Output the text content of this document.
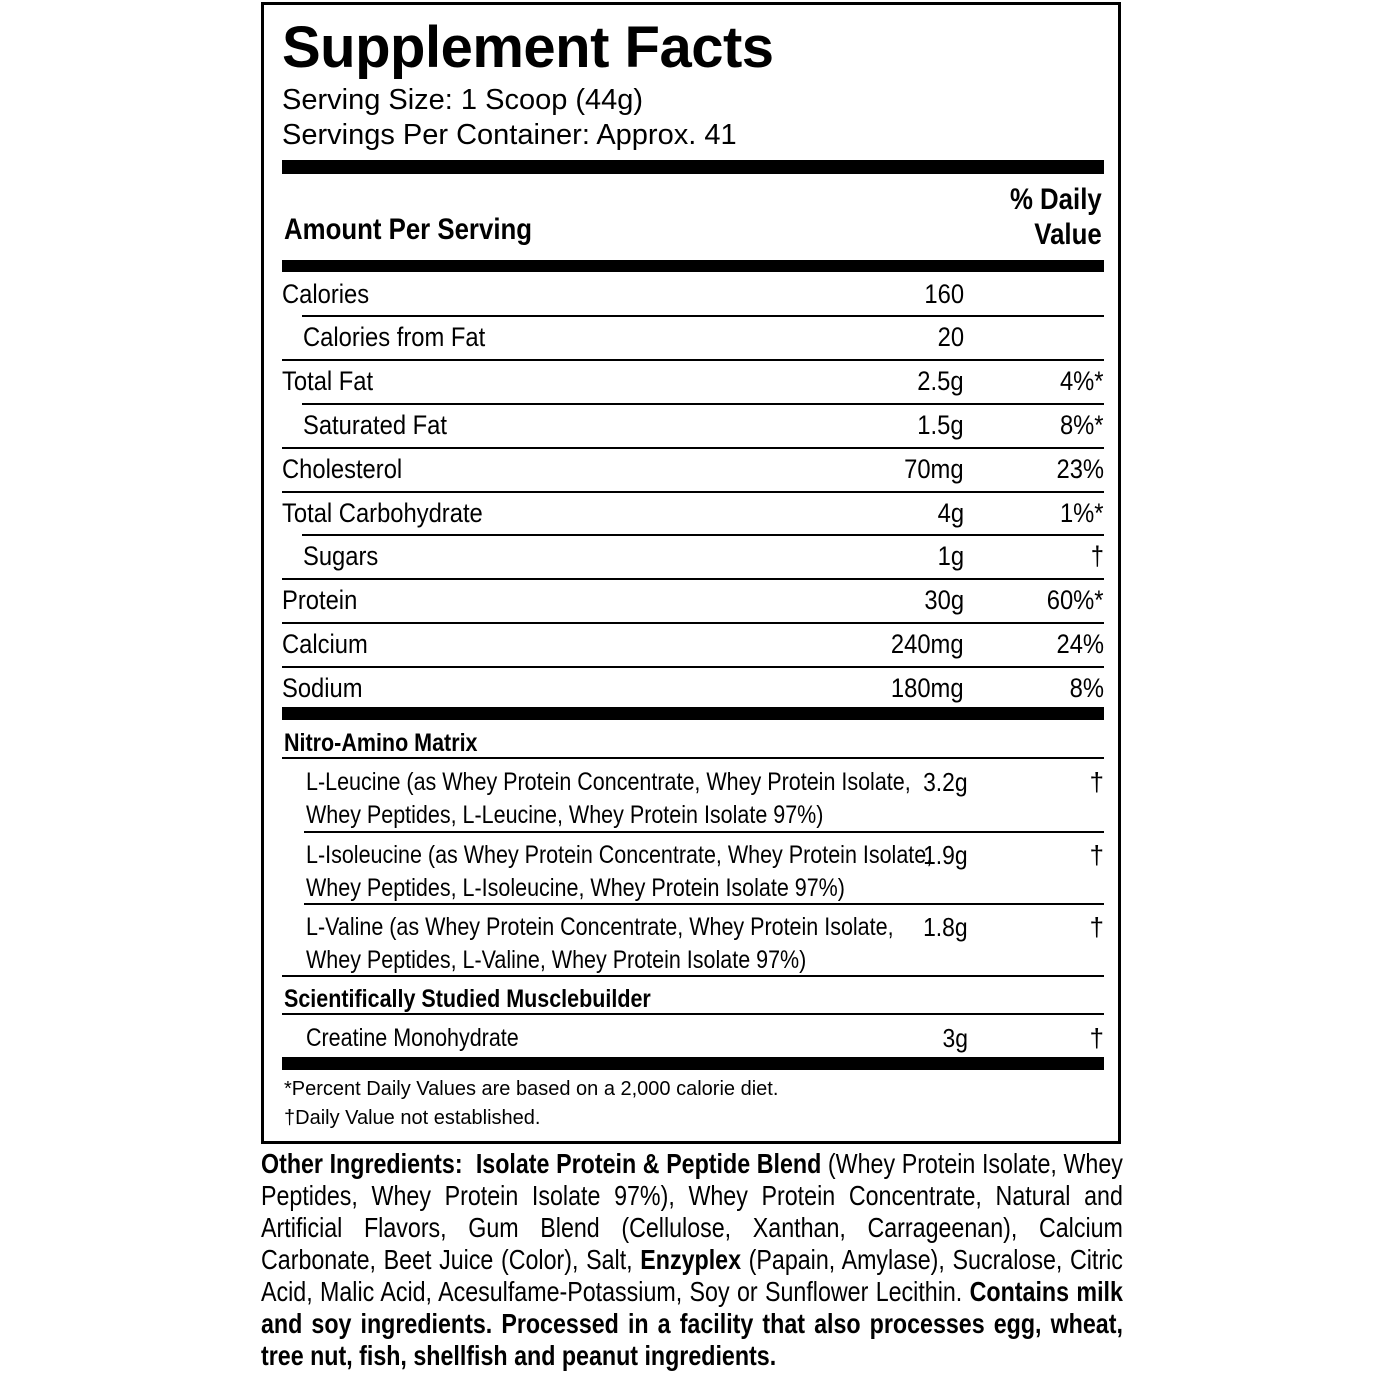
Supplement Facts
Serving Size: 1 Scoop (44g)
Servings Per Container: Approx. 41
Amount Per Serving
% Daily
Value
Calories	160
Calories from Fat	20
Total Fat	2.5g	4%*
Saturated Fat	1.5g	8%*
Cholesterol	70mg	23%
Total Carbohydrate	4g	1%*
Sugars	1g	†
Protein	30g	60%*
Calcium	240mg	24%
Sodium	180mg	8%
Nitro-Amino Matrix
L-Leucine (as Whey Protein Concentrate, Whey Protein Isolate,
Whey Peptides, L-Leucine, Whey Protein Isolate 97%)
3.2g	†
L-Isoleucine (as Whey Protein Concentrate, Whey Protein Isolate,
Whey Peptides, L-Isoleucine, Whey Protein Isolate 97%)
1.9g	†
L-Valine (as Whey Protein Concentrate, Whey Protein Isolate,
Whey Peptides, L-Valine, Whey Protein Isolate 97%)
1.8g	†
Scientifically Studied Musclebuilder
Creatine Monohydrate	3g	†
*Percent Daily Values are based on a 2,000 calorie diet.
†Daily Value not established.
Other Ingredients: Isolate Protein & Peptide Blend (Whey Protein Isolate, Whey Peptides, Whey Protein Isolate 97%), Whey Protein Concentrate, Natural and Artificial Flavors, Gum Blend (Cellulose, Xanthan, Carrageenan), Calcium Carbonate, Beet Juice (Color), Salt, Enzyplex (Papain, Amylase), Sucralose, Citric Acid, Malic Acid, Acesulfame-Potassium, Soy or Sunflower Lecithin. Contains milk and soy ingredients. Processed in a facility that also processes egg, wheat, tree nut, fish, shellfish and peanut ingredients.
